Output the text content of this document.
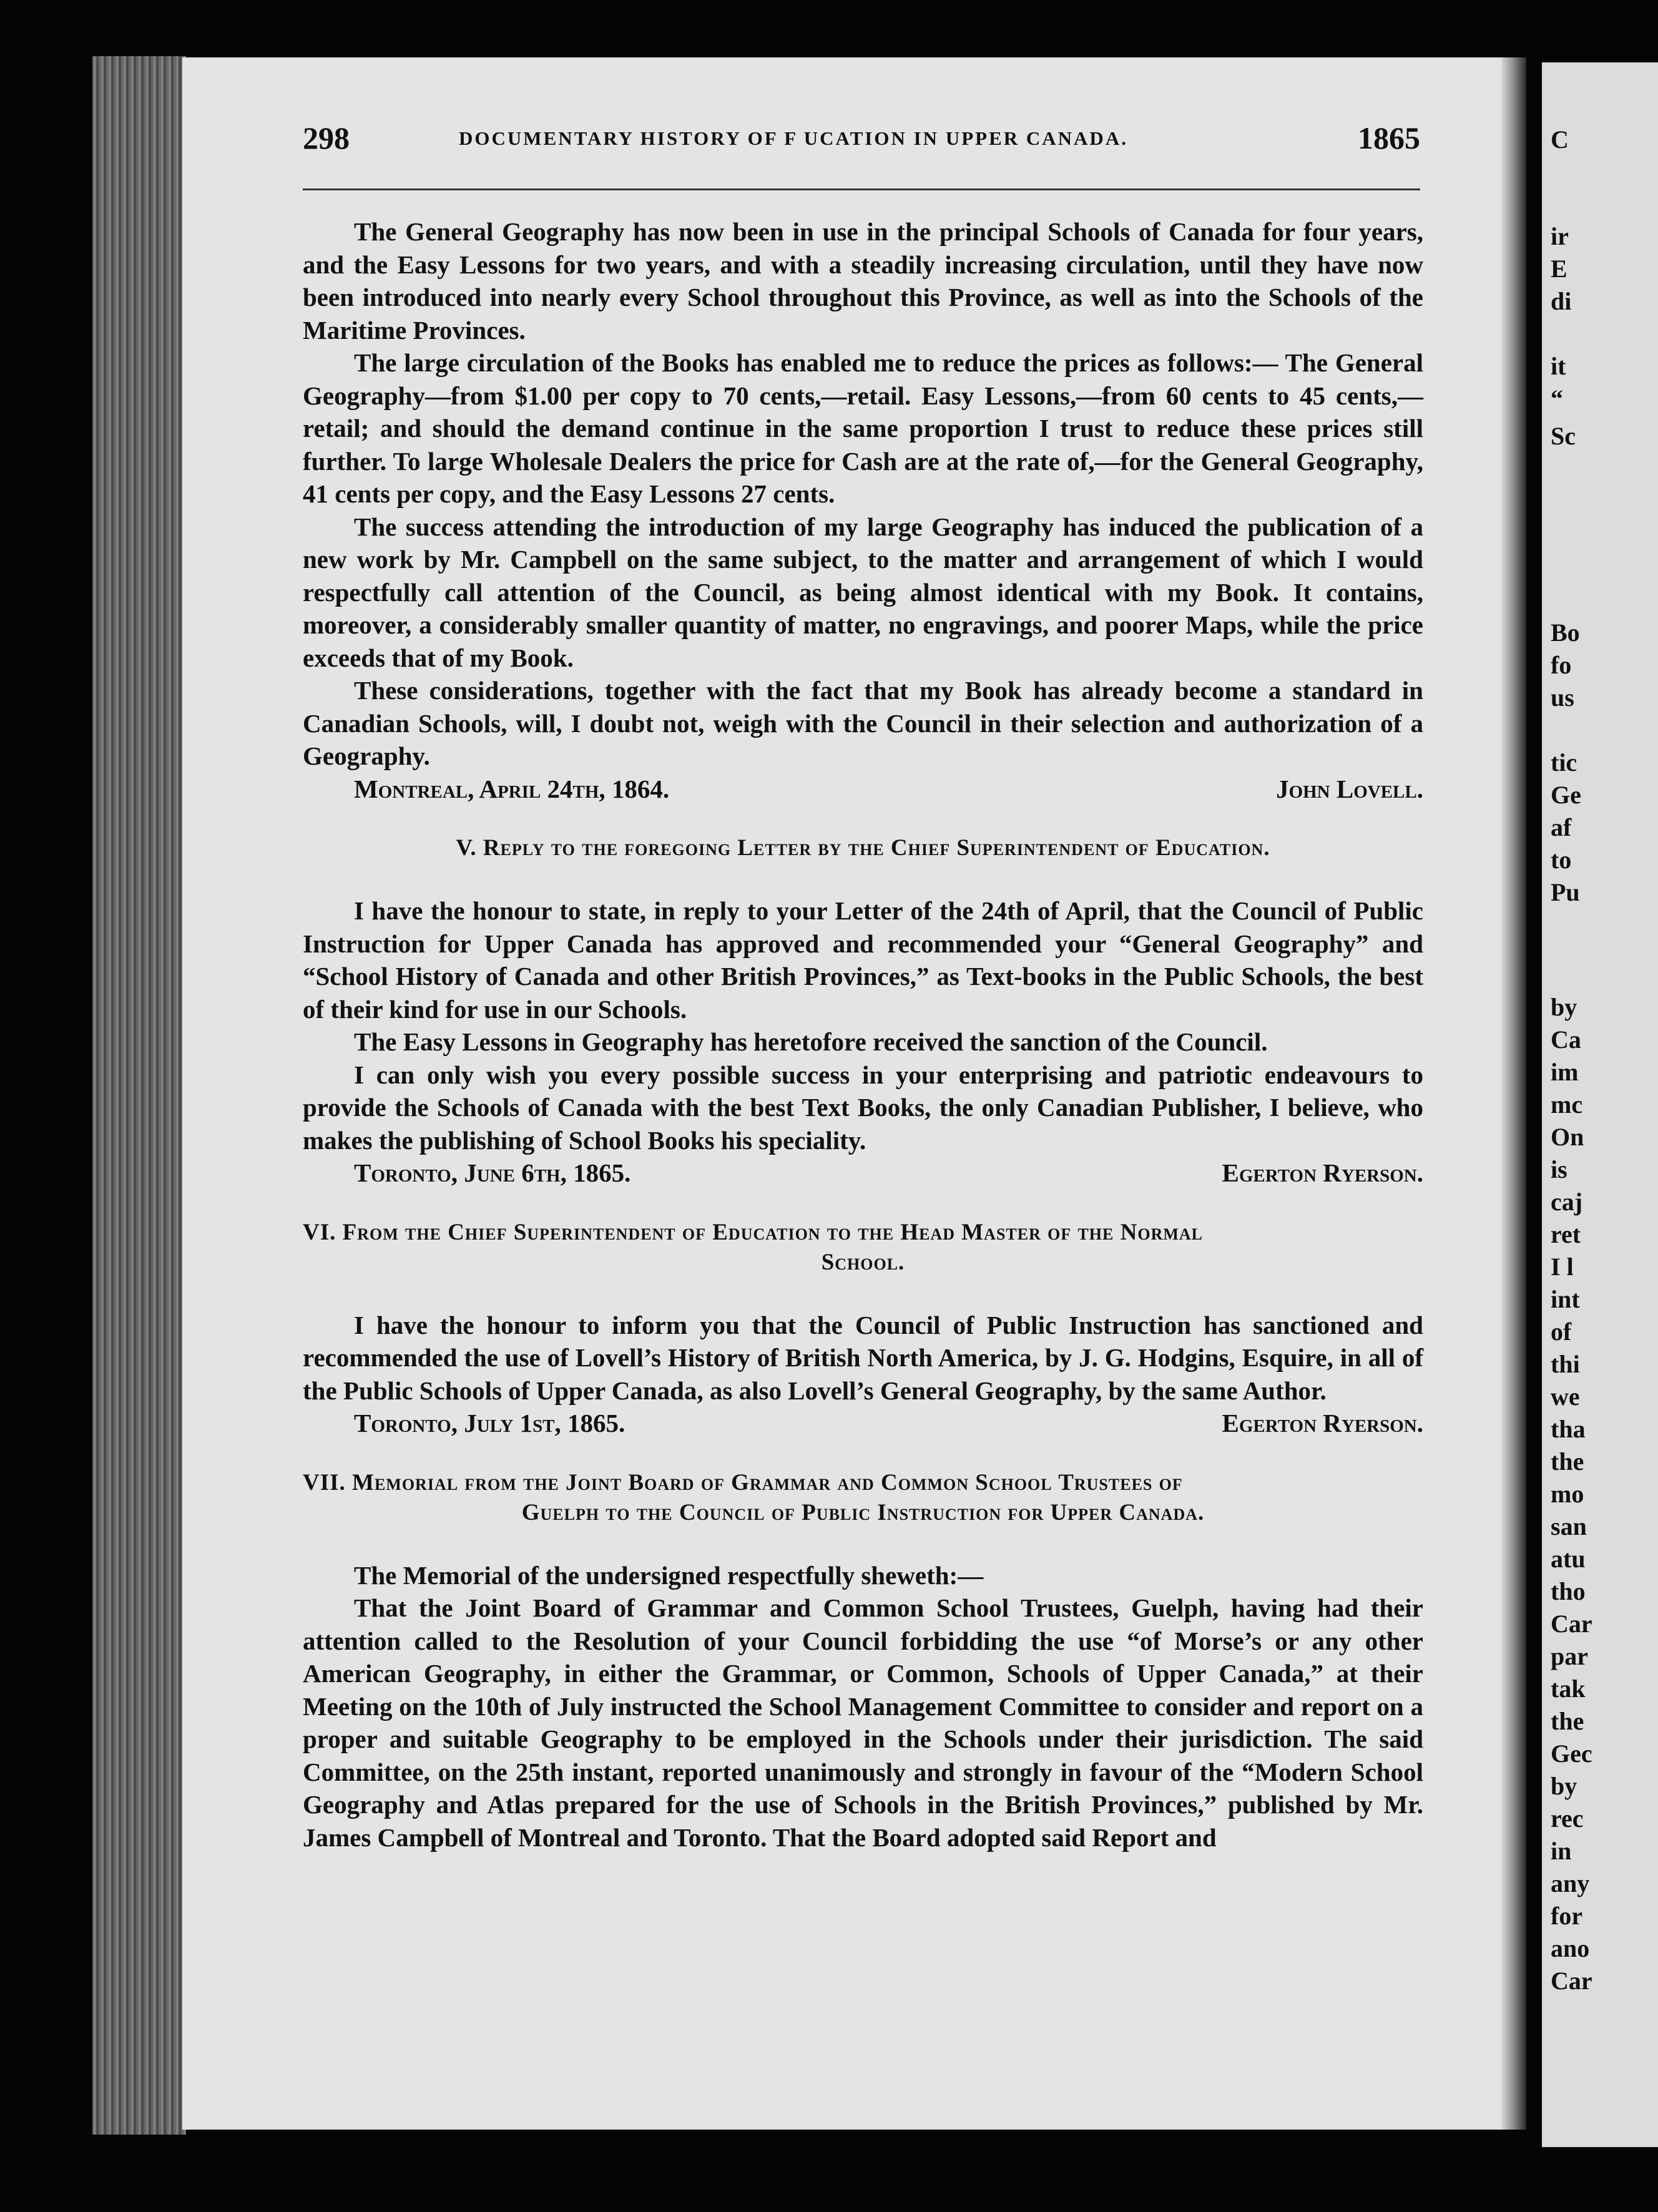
C
ir
E
di
it
“
Sc
Bo
fo
us
tic
Ge
af
to
Pu
by
Ca
im
mc
On
is
caj
ret
I l
int
of
thi
we
tha
the
mo
san
atu
tho
Car
par
tak
the
Gec
by
rec
in
any
for
ano
Car
298	DOCUMENTARY HISTORY OF F UCATION IN UPPER CANADA.	1865

The General Geography has now been in use in the principal Schools of Canada for four years, and the Easy Lessons for two years, and with a steadily increasing circulation, until they have now been introduced into nearly every School throughout this Province, as well as into the Schools of the Maritime Provinces.

The large circulation of the Books has enabled me to reduce the prices as follows:— The General Geography—from $1.00 per copy to 70 cents,—retail. Easy Lessons,—from 60 cents to 45 cents,—retail; and should the demand continue in the same proportion I trust to reduce these prices still further. To large Wholesale Dealers the price for Cash are at the rate of,—for the General Geography, 41 cents per copy, and the Easy Lessons 27 cents.

The success attending the introduction of my large Geography has induced the publication of a new work by Mr. Campbell on the same subject, to the matter and arrangement of which I would respectfully call attention of the Council, as being almost identical with my Book. It contains, moreover, a considerably smaller quantity of matter, no engravings, and poorer Maps, while the price exceeds that of my Book.

These considerations, together with the fact that my Book has already become a standard in Canadian Schools, will, I doubt not, weigh with the Council in their selection and authorization of a Geography.

Montreal, April 24th, 1864.	John Lovell.
V. Reply to the foregoing Letter by the Chief Superintendent of Education.

I have the honour to state, in reply to your Letter of the 24th of April, that the Council of Public Instruction for Upper Canada has approved and recommended your “General Geography” and “School History of Canada and other British Provinces,” as Text-books in the Public Schools, the best of their kind for use in our Schools.

The Easy Lessons in Geography has heretofore received the sanction of the Council.

I can only wish you every possible success in your enterprising and patriotic endeavours to provide the Schools of Canada with the best Text Books, the only Canadian Publisher, I believe, who makes the publishing of School Books his speciality.

Toronto, June 6th, 1865.	Egerton Ryerson.
VI. From the Chief Superintendent of Education to the Head Master of the Normal
School.

I have the honour to inform you that the Council of Public Instruction has sanctioned and recommended the use of Lovell’s History of British North America, by J. G. Hodgins, Esquire, in all of the Public Schools of Upper Canada, as also Lovell’s General Geography, by the same Author.

Toronto, July 1st, 1865.	Egerton Ryerson.
VII. Memorial from the Joint Board of Grammar and Common School Trustees of
Guelph to the Council of Public Instruction for Upper Canada.

The Memorial of the undersigned respectfully sheweth:—

That the Joint Board of Grammar and Common School Trustees, Guelph, having had their attention called to the Resolution of your Council forbidding the use “of Morse’s or any other American Geography, in either the Grammar, or Common, Schools of Upper Canada,” at their Meeting on the 10th of July instructed the School Management Committee to consider and report on a proper and suitable Geography to be employed in the Schools under their jurisdiction. The said Committee, on the 25th instant, reported unanimously and strongly in favour of the “Modern School Geography and Atlas prepared for the use of Schools in the British Provinces,” published by Mr. James Campbell of Montreal and Toronto. That the Board adopted said Report and
